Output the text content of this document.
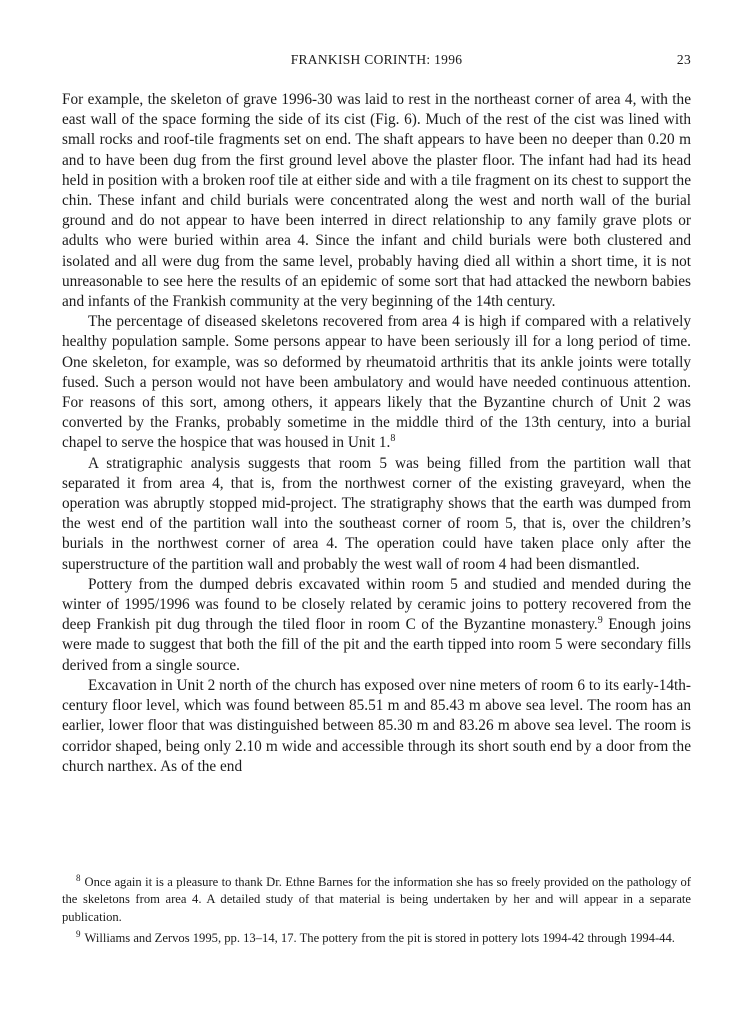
FRANKISH CORINTH: 1996	23

For example, the skeleton of grave 1996-30 was laid to rest in the northeast corner of area 4, with the east wall of the space forming the side of its cist (Fig. 6). Much of the rest of the cist was lined with small rocks and roof-tile fragments set on end. The shaft appears to have been no deeper than 0.20 m and to have been dug from the first ground level above the plaster floor. The infant had had its head held in position with a broken roof tile at either side and with a tile fragment on its chest to support the chin. These infant and child burials were concentrated along the west and north wall of the burial ground and do not appear to have been interred in direct relationship to any family grave plots or adults who were buried within area 4. Since the infant and child burials were both clustered and isolated and all were dug from the same level, probably having died all within a short time, it is not unreasonable to see here the results of an epidemic of some sort that had attacked the newborn babies and infants of the Frankish community at the very beginning of the 14th century.

The percentage of diseased skeletons recovered from area 4 is high if compared with a relatively healthy population sample. Some persons appear to have been seriously ill for a long period of time. One skeleton, for example, was so deformed by rheumatoid arthritis that its ankle joints were totally fused. Such a person would not have been ambulatory and would have needed continuous attention. For reasons of this sort, among others, it appears likely that the Byzantine church of Unit 2 was converted by the Franks, probably sometime in the middle third of the 13th century, into a burial chapel to serve the hospice that was housed in Unit 1.$^8$

A stratigraphic analysis suggests that room 5 was being filled from the partition wall that separated it from area 4, that is, from the northwest corner of the existing graveyard, when the operation was abruptly stopped mid-project. The stratigraphy shows that the earth was dumped from the west end of the partition wall into the southeast corner of room 5, that is, over the children’s burials in the northwest corner of area 4. The operation could have taken place only after the superstructure of the partition wall and probably the west wall of room 4 had been dismantled.

Pottery from the dumped debris excavated within room 5 and studied and mended during the winter of 1995/1996 was found to be closely related by ceramic joins to pottery recovered from the deep Frankish pit dug through the tiled floor in room C of the Byzantine monastery.$^9$ Enough joins were made to suggest that both the fill of the pit and the earth tipped into room 5 were secondary fills derived from a single source.

Excavation in Unit 2 north of the church has exposed over nine meters of room 6 to its early-14th-century floor level, which was found between 85.51 m and 85.43 m above sea level. The room has an earlier, lower floor that was distinguished between 85.30 m and 83.26 m above sea level. The room is corridor shaped, being only 2.10 m wide and accessible through its short south end by a door from the church narthex. As of the end

$^8$ Once again it is a pleasure to thank Dr. Ethne Barnes for the information she has so freely provided on the pathology of the skeletons from area 4. A detailed study of that material is being undertaken by her and will appear in a separate publication.

$^9$ Williams and Zervos 1995, pp. 13–14, 17. The pottery from the pit is stored in pottery lots 1994-42 through 1994-44.
